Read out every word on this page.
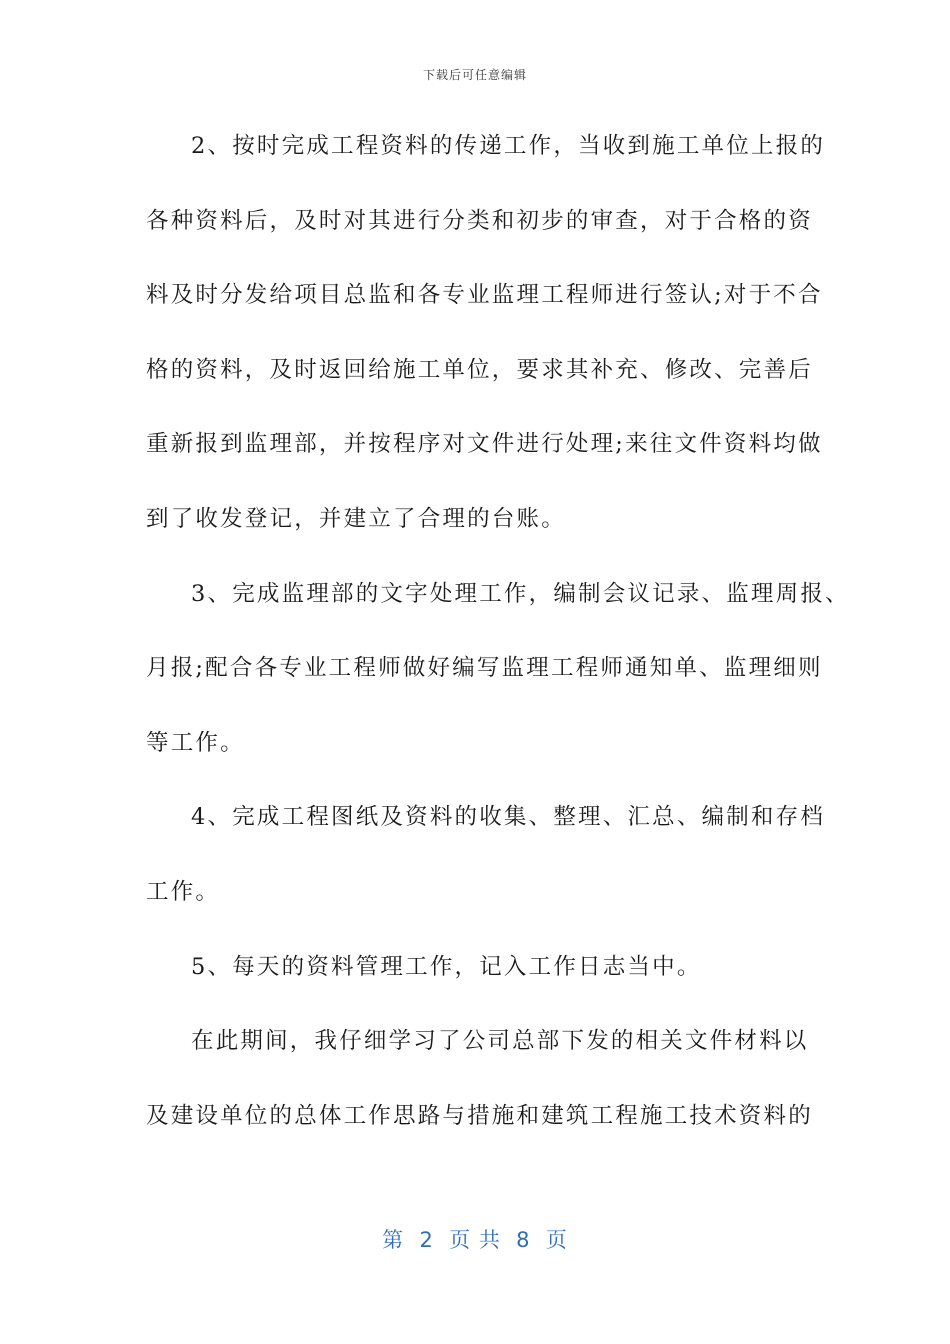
下载后可任意编辑
2、按时完成工程资料的传递工作，当收到施工单位上报的
各种资料后，及时对其进行分类和初步的审查，对于合格的资
料及时分发给项目总监和各专业监理工程师进行签认;对于不合
格的资料，及时返回给施工单位，要求其补充、修改、完善后
重新报到监理部，并按程序对文件进行处理;来往文件资料均做
到了收发登记，并建立了合理的台账。
3、完成监理部的文字处理工作，编制会议记录、监理周报、
月报;配合各专业工程师做好编写监理工程师通知单、监理细则
等工作。
4、完成工程图纸及资料的收集、整理、汇总、编制和存档
工作。
5、每天的资料管理工作，记入工作日志当中。
在此期间，我仔细学习了公司总部下发的相关文件材料以
及建设单位的总体工作思路与措施和建筑工程施工技术资料的
第  2  页 共  8  页
